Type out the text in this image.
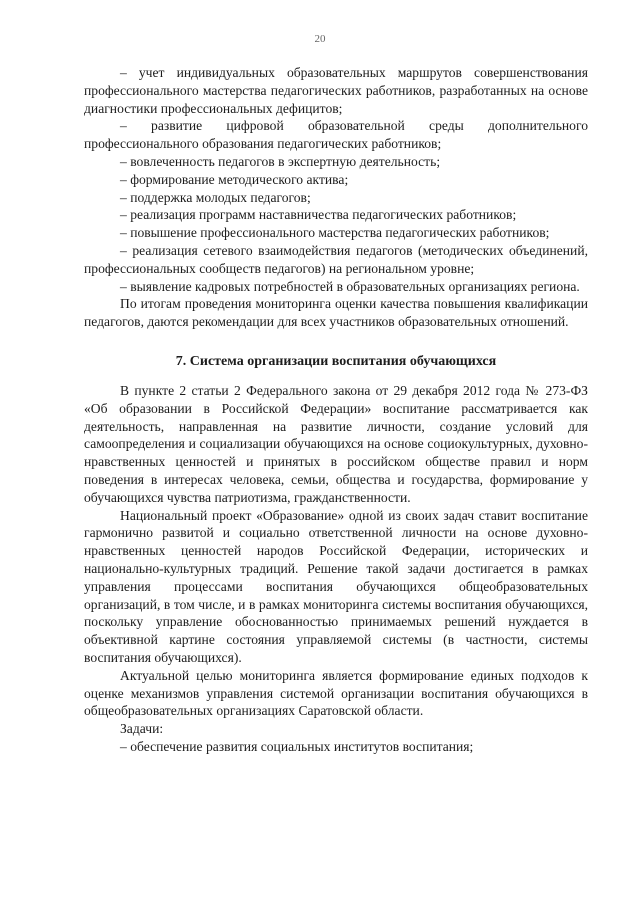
20

– учет индивидуальных образовательных маршрутов совершенствования профессионального мастерства педагогических работников, разработанных на основе диагностики профессиональных дефицитов;

– развитие цифровой образовательной среды дополнительного профессионального образования педагогических работников;

– вовлеченность педагогов в экспертную деятельность;

– формирование методического актива;

– поддержка молодых педагогов;

– реализация программ наставничества педагогических работников;

– повышение профессионального мастерства педагогических работников;

– реализация сетевого взаимодействия педагогов (методических объединений, профессиональных сообществ педагогов) на региональном уровне;

– выявление кадровых потребностей в образовательных организациях региона.

По итогам проведения мониторинга оценки качества повышения квалификации педагогов, даются рекомендации для всех участников образовательных отношений.

7. Система организации воспитания обучающихся

В пункте 2 статьи 2 Федерального закона от 29 декабря 2012 года № 273-ФЗ «Об образовании в Российской Федерации» воспитание рассматривается как деятельность, направленная на развитие личности, создание условий для самоопределения и социализации обучающихся на основе социокультурных, духовно-нравственных ценностей и принятых в российском обществе правил и норм поведения в интересах человека, семьи, общества и государства, формирование у обучающихся чувства патриотизма, гражданственности.

Национальный проект «Образование» одной из своих задач ставит воспитание гармонично развитой и социально ответственной личности на основе духовно-нравственных ценностей народов Российской Федерации, исторических и национально-культурных традиций. Решение такой задачи достигается в рамках управления процессами воспитания обучающихся общеобразовательных организаций, в том числе, и в рамках мониторинга системы воспитания обучающихся, поскольку управление обоснованностью принимаемых решений нуждается в объективной картине состояния управляемой системы (в частности, системы воспитания обучающихся).

Актуальной целью мониторинга является формирование единых подходов к оценке механизмов управления системой организации воспитания обучающихся в общеобразовательных организациях Саратовской области.

Задачи:

– обеспечение развития социальных институтов воспитания;
